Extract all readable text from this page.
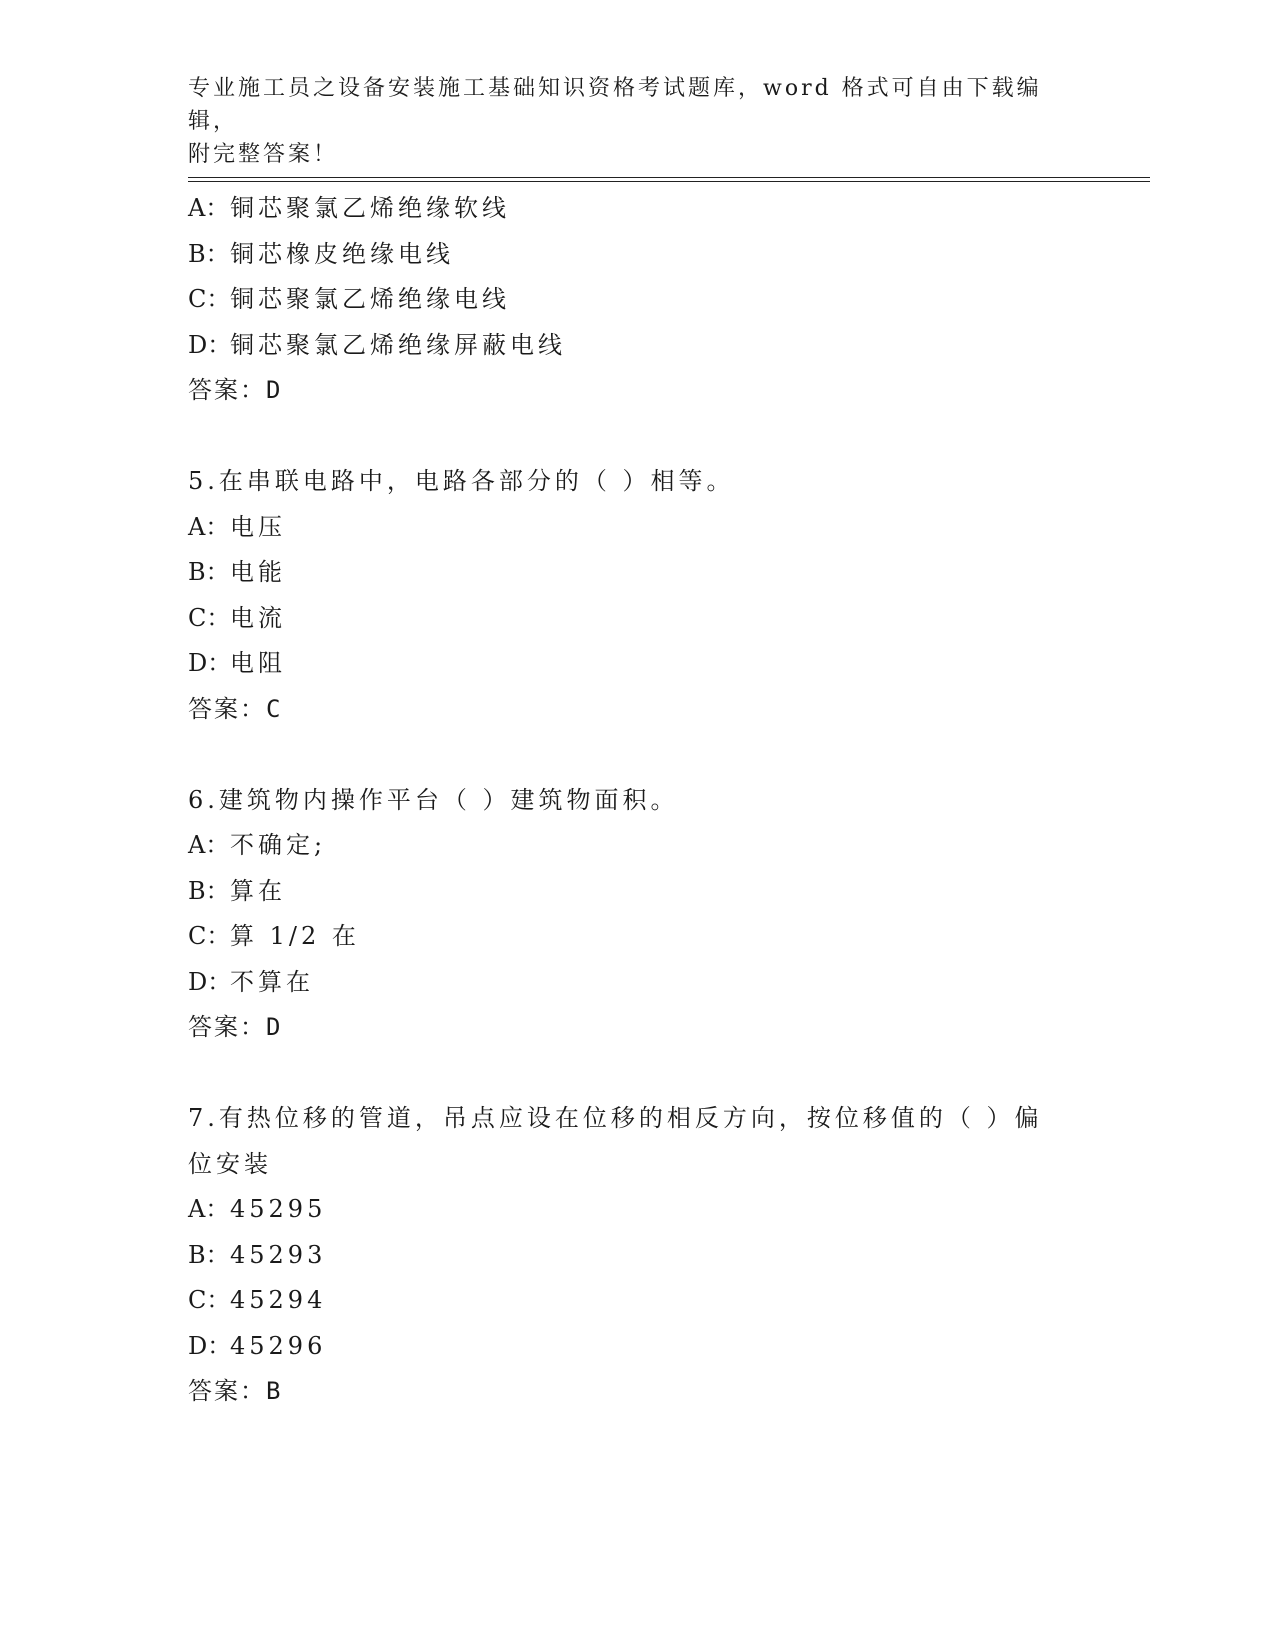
专业施工员之设备安装施工基础知识资格考试题库，word 格式可自由下载编辑，
附完整答案！
A：铜芯聚氯乙烯绝缘软线
B：铜芯橡皮绝缘电线
C：铜芯聚氯乙烯绝缘电线
D：铜芯聚氯乙烯绝缘屏蔽电线
答案：D
5.在串联电路中，电路各部分的（ ）相等。
A：电压
B：电能
C：电流
D：电阻
答案：C
6.建筑物内操作平台（ ）建筑物面积。
A：不确定;
B：算在
C：算 1/2 在
D：不算在
答案：D
7.有热位移的管道，吊点应设在位移的相反方向，按位移值的（ ）偏位安装
A：45295
B：45293
C：45294
D：45296
答案：B
